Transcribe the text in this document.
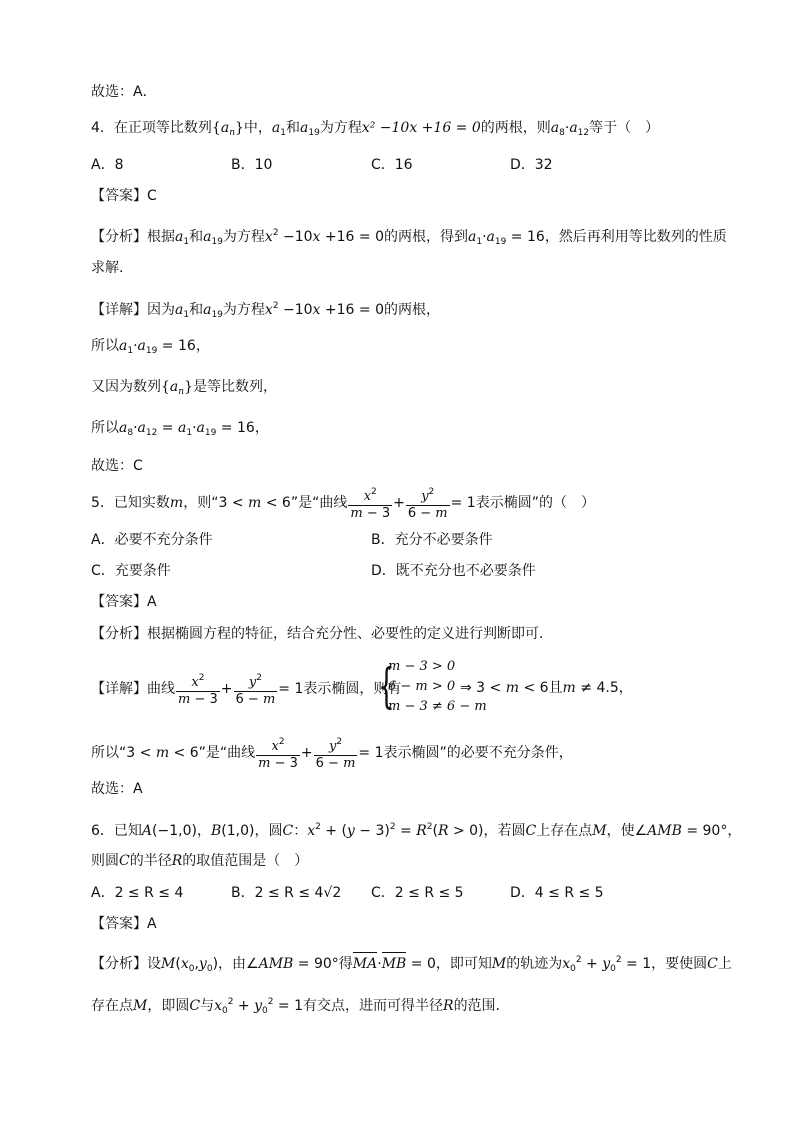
故选：A．
4．在正项等比数列$\{a_n\}$中，$a_1$和$a_{19}$为方程x² −10x +16 = 0的两根，则$a_8\cdot a_{12}$等于（　）
A．8	B．10	C．16	D．32
【答案】C
【分析】根据$a_1$和$a_{19}$为方程$x^2 -10x +16 = 0$的两根，得到$a_1\cdot a_{19} = 16$，然后再利用等比数列的性质
求解.
【详解】因为$a_1$和$a_{19}$为方程$x^2 -10x +16 = 0$的两根，
所以$a_1\cdot a_{19} = 16$，
又因为数列$\{a_n\}$是等比数列，
所以$a_8\cdot a_{12} = a_1\cdot a_{19} = 16$，
故选：C
5．已知实数m，则“3 < m < 6”是“曲线 $\frac{x^2}{m - 3} + \frac{y^2}{6 - m} = 1$表示椭圆”的（　）
A．必要不充分条件	B．充分不必要条件
C．充要条件	D．既不充分也不必要条件
【答案】A
【分析】根据椭圆方程的特征，结合充分性、必要性的定义进行判断即可.
【详解】曲线 $\frac{x^2}{m - 3} + \frac{y^2}{6 - m} = 1$表示椭圆，则有
{
m − 3 > 0
6 − m > 0
m − 3 ≠ 6 − m
⇒ 3 < m < 6且m ≠ 4.5，
所以“3 < m < 6”是“曲线 $\frac{x^2}{m - 3} + \frac{y^2}{6 - m} = 1$表示椭圆”的必要不充分条件，
故选：A
6．已知A(−1,0)，B(1,0)，圆C：$x^2 + (y - 3)^2 = R^2(R > 0)$，若圆C上存在点M，使∠AMB = 90°，
则圆C的半径R的取值范围是（　）
A．2 ≤ R ≤ 4	B．2 ≤ R ≤ 4√2 C．2 ≤ R ≤ 5	D．4 ≤ R ≤ 5
【答案】A
【分析】设$M(x_0,y_0)$，由∠AMB = 90°得MA·MB = 0，即可知M的轨迹为$x_0^2 + y_0^2 = 1$，要使圆C上
存在点M，即圆C与$x_0^2 + y_0^2 = 1$有交点，进而可得半径R的范围.
